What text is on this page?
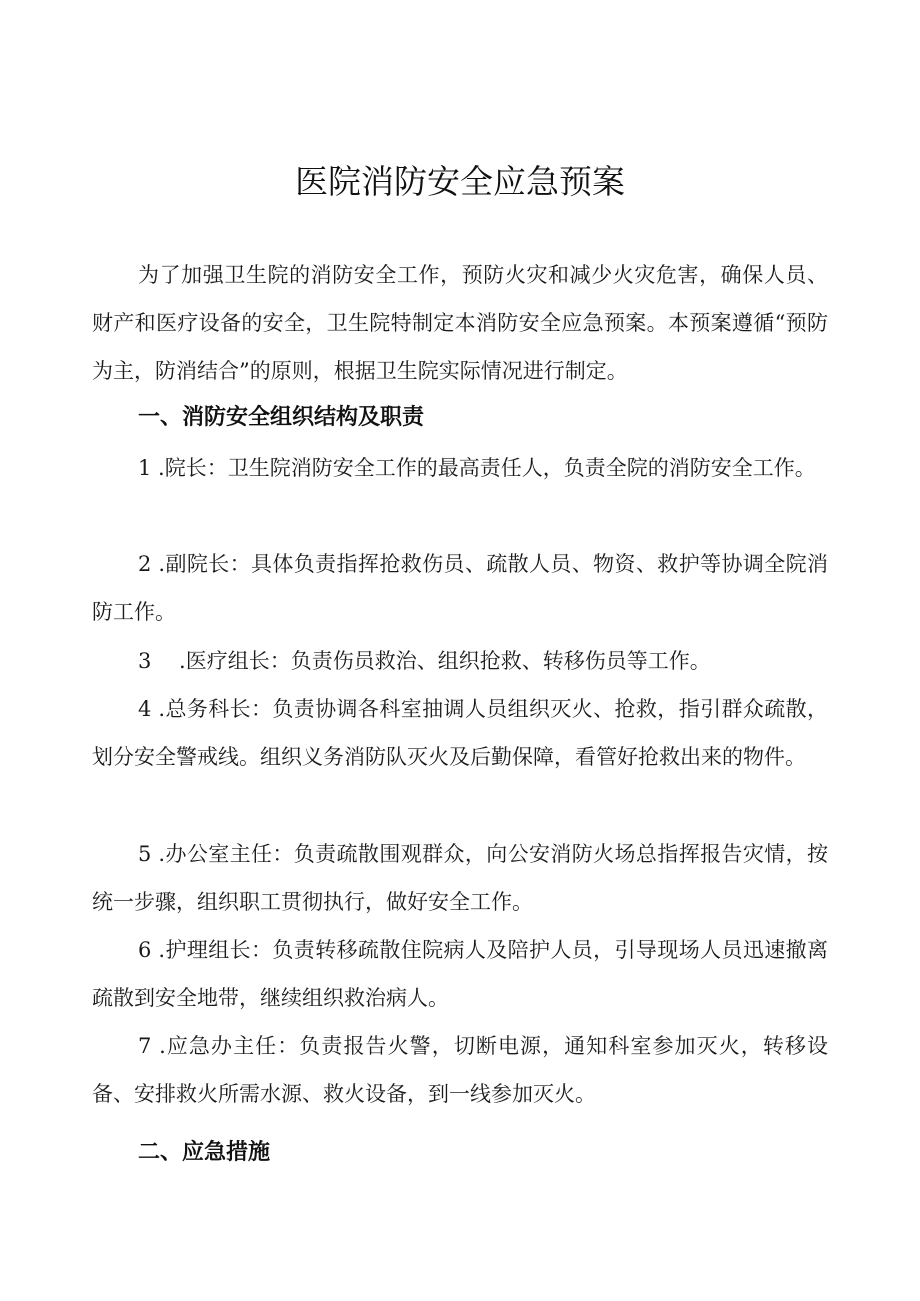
医院消防安全应急预案

为了加强卫生院的消防安全工作，预防火灾和减少火灾危害，确保人员、财产和医疗设备的安全，卫生院特制定本消防安全应急预案。本预案遵循“预防为主，防消结合”的原则，根据卫生院实际情况进行制定。

一、消防安全组织结构及职责

1 .院长：卫生院消防安全工作的最高责任人，负责全院的消防安全工作。

2 .副院长：具体负责指挥抢救伤员、疏散人员、物资、救护等协调全院消防工作。

3　 .医疗组长：负责伤员救治、组织抢救、转移伤员等工作。

4 .总务科长：负责协调各科室抽调人员组织灭火、抢救，指引群众疏散，划分安全警戒线。组织义务消防队灭火及后勤保障，看管好抢救出来的物件。

5 .办公室主任：负责疏散围观群众，向公安消防火场总指挥报告灾情，按统一步骤，组织职工贯彻执行，做好安全工作。

6 .护理组长：负责转移疏散住院病人及陪护人员，引导现场人员迅速撤离疏散到安全地带，继续组织救治病人。

7 .应急办主任：负责报告火警，切断电源，通知科室参加灭火，转移设备、安排救火所需水源、救火设备，到一线参加灭火。

二、应急措施
